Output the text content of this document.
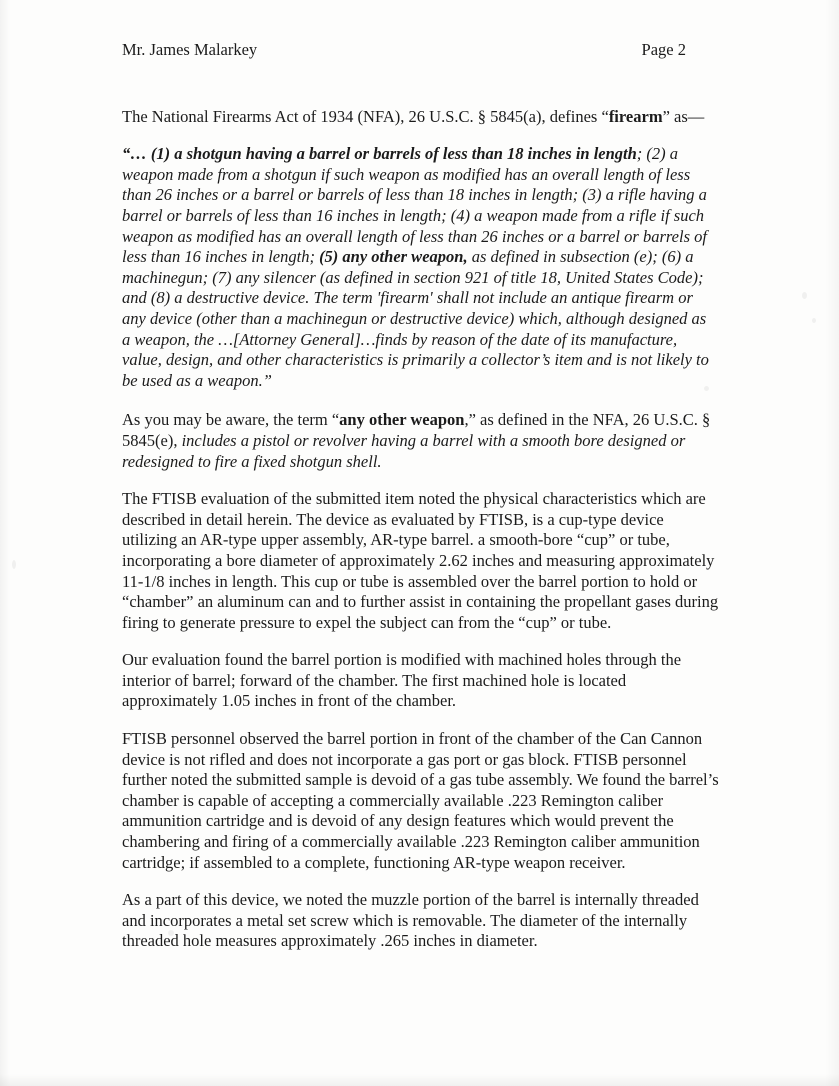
Mr. James Malarkey	Page 2

The National Firearms Act of 1934 (NFA), 26 U.S.C. § 5845(a), defines “firearm” as—

“… (1) a shotgun having a barrel or barrels of less than 18 inches in length; (2) a weapon made from a shotgun if such weapon as modified has an overall length of less than 26 inches or a barrel or barrels of less than 18 inches in length; (3) a rifle having a barrel or barrels of less than 16 inches in length; (4) a weapon made from a rifle if such weapon as modified has an overall length of less than 26 inches or a barrel or barrels of less than 16 inches in length; (5) any other weapon, as defined in subsection (e); (6) a machinegun; (7) any silencer (as defined in section 921 of title 18, United States Code); and (8) a destructive device. The term 'firearm' shall not include an antique firearm or any device (other than a machinegun or destructive device) which, although designed as a weapon, the …[Attorney General]…finds by reason of the date of its manufacture, value, design, and other characteristics is primarily a collector’s item and is not likely to be used as a weapon.”

As you may be aware, the term “any other weapon,” as defined in the NFA, 26 U.S.C. § 5845(e), includes a pistol or revolver having a barrel with a smooth bore designed or redesigned to fire a fixed shotgun shell.

The FTISB evaluation of the submitted item noted the physical characteristics which are described in detail herein. The device as evaluated by FTISB, is a cup-type device utilizing an AR-type upper assembly, AR-type barrel. a smooth-bore “cup” or tube, incorporating a bore diameter of approximately 2.62 inches and measuring approximately 11-1/8 inches in length. This cup or tube is assembled over the barrel portion to hold or “chamber” an aluminum can and to further assist in containing the propellant gases during firing to generate pressure to expel the subject can from the “cup” or tube.

Our evaluation found the barrel portion is modified with machined holes through the interior of barrel; forward of the chamber. The first machined hole is located approximately 1.05 inches in front of the chamber.

FTISB personnel observed the barrel portion in front of the chamber of the Can Cannon device is not rifled and does not incorporate a gas port or gas block. FTISB personnel further noted the submitted sample is devoid of a gas tube assembly. We found the barrel’s chamber is capable of accepting a commercially available .223 Remington caliber ammunition cartridge and is devoid of any design features which would prevent the chambering and firing of a commercially available .223 Remington caliber ammunition cartridge; if assembled to a complete, functioning AR-type weapon receiver.

As a part of this device, we noted the muzzle portion of the barrel is internally threaded and incorporates a metal set screw which is removable. The diameter of the internally threaded hole measures approximately .265 inches in diameter.
